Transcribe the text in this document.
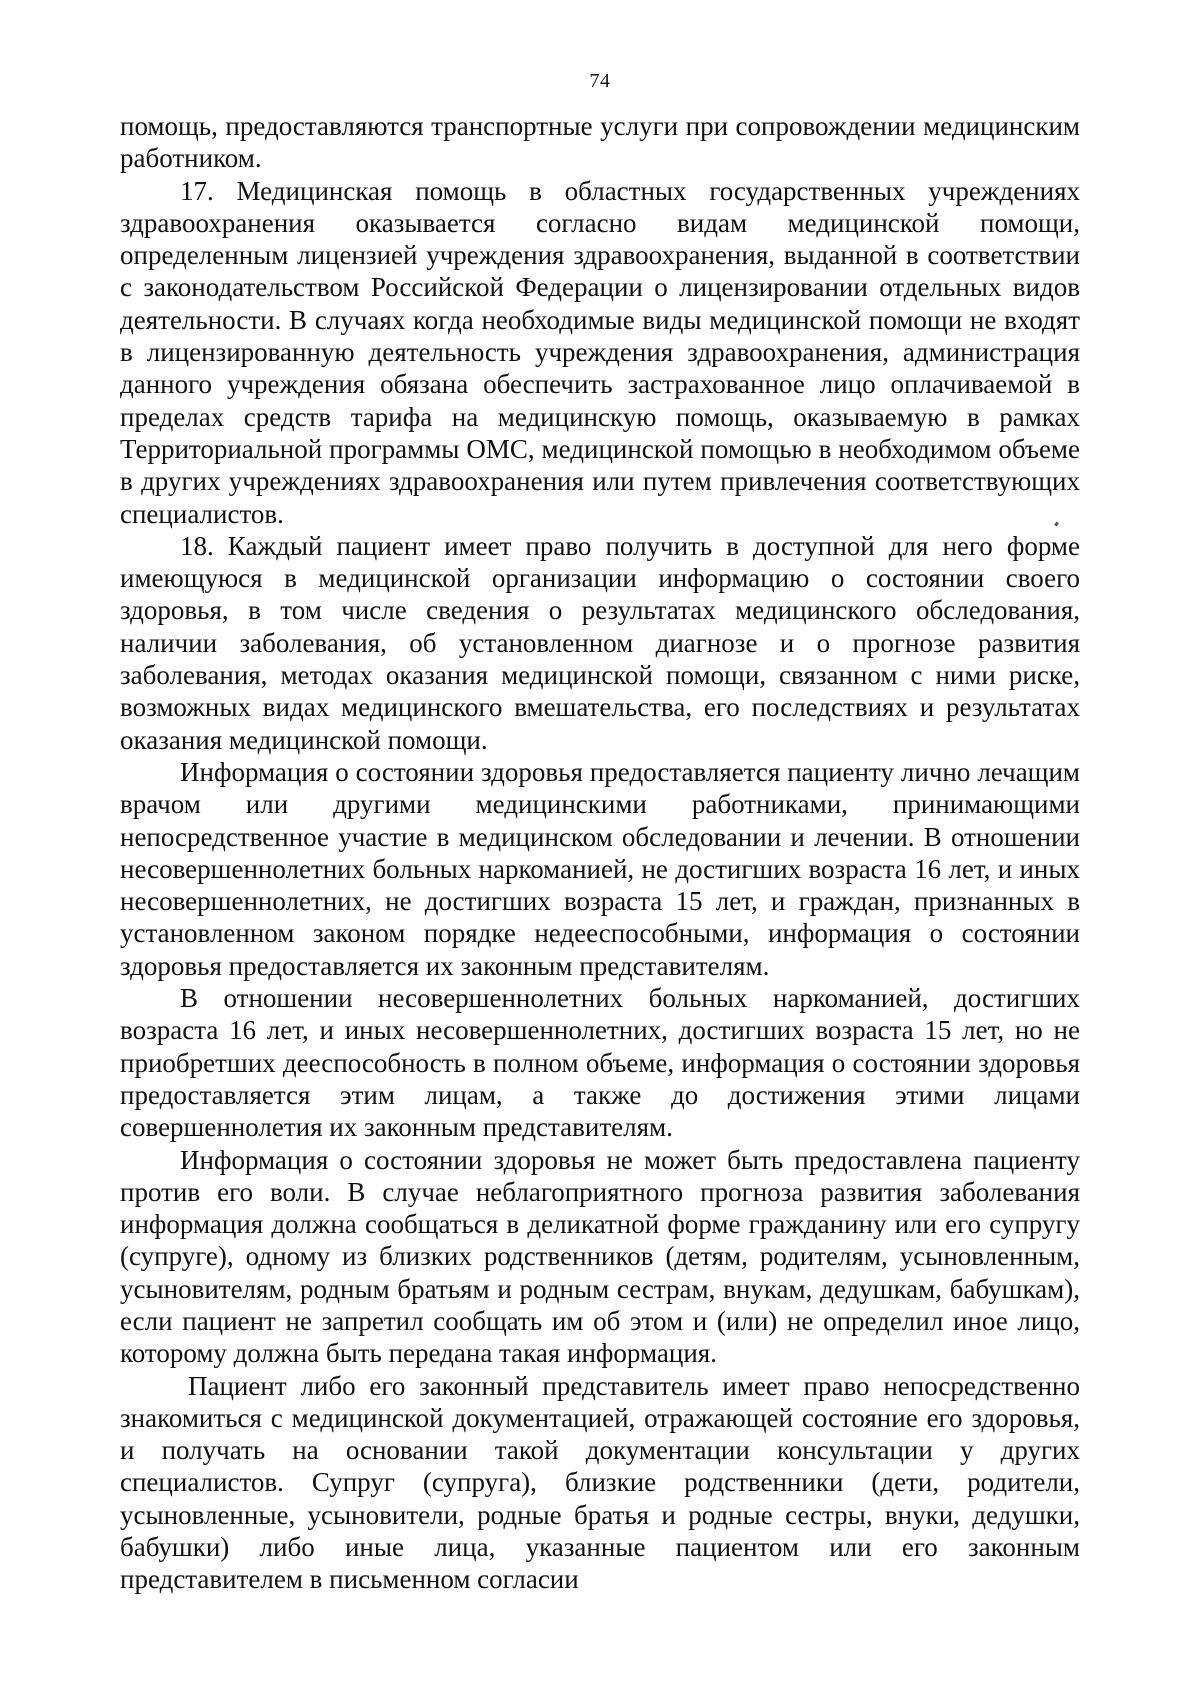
74

помощь, предоставляются транспортные услуги при сопровождении медицинским работником.

17. Медицинская помощь в областных государственных учреждениях здравоохранения оказывается согласно видам медицинской помощи, определенным лицензией учреждения здравоохранения, выданной в соответствии с законодательством Российской Федерации о лицензировании отдельных видов деятельности. В случаях когда необходимые виды медицинской помощи не входят в лицензированную деятельность учреждения здравоохранения, администрация данного учреждения обязана обеспечить застрахованное лицо оплачиваемой в пределах средств тарифа на медицинскую помощь, оказываемую в рамках Территориальной программы ОМС, медицинской помощью в необходимом объеме в других учреждениях здравоохранения или путем привлечения соответствующих специалистов.

18. Каждый пациент имеет право получить в доступной для него форме имеющуюся в медицинской организации информацию о состоянии своего здоровья, в том числе сведения о результатах медицинского обследования, наличии заболевания, об установленном диагнозе и о прогнозе развития заболевания, методах оказания медицинской помощи, связанном с ними риске, возможных видах медицинского вмешательства, его последствиях и результатах оказания медицинской помощи.

Информация о состоянии здоровья предоставляется пациенту лично лечащим врачом или другими медицинскими работниками, принимающими непосредственное участие в медицинском обследовании и лечении. В отношении несовершеннолетних больных наркоманией, не достигших возраста 16 лет, и иных несовершеннолетних, не достигших возраста 15 лет, и граждан, признанных в установленном законом порядке недееспособными, информация о состоянии здоровья предоставляется их законным представителям.

В отношении несовершеннолетних больных наркоманией, достигших возраста 16 лет, и иных несовершеннолетних, достигших возраста 15 лет, но не приобретших дееспособность в полном объеме, информация о состоянии здоровья предоставляется этим лицам, а также до достижения этими лицами совершеннолетия их законным представителям.

Информация о состоянии здоровья не может быть предоставлена пациенту против его воли. В случае неблагоприятного прогноза развития заболевания информация должна сообщаться в деликатной форме гражданину или его супругу (супруге), одному из близких родственников (детям, родителям, усыновленным, усыновителям, родным братьям и родным сестрам, внукам, дедушкам, бабушкам), если пациент не запретил сообщать им об этом и (или) не определил иное лицо, которому должна быть передана такая информация.

Пациент либо его законный представитель имеет право непосредственно знакомиться с медицинской документацией, отражающей состояние его здоровья, и получать на основании такой документации консультации у других специалистов. Супруг (супруга), близкие родственники (дети, родители, усыновленные, усыновители, родные братья и родные сестры, внуки, дедушки, бабушки) либо иные лица, указанные пациентом или его законным представителем в письменном согласии
